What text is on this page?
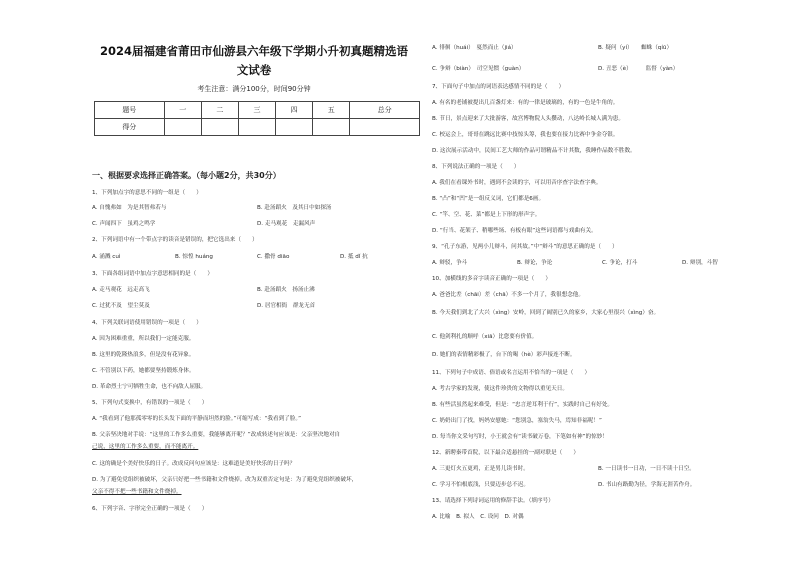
2024届福建省莆田市仙游县六年级下学期小升初真题精选语
文试卷
考生注意：满分100分，时间90分钟
题号	一	二	三	四	五	总分
得分						
一、根据要求选择正确答案。（每小题2分，共30分）
1、下列加点字的意思不同的一组是（　　）
A. 自愧弗如　为是其智弗若与	B. 赴汤蹈火　及其日中如探汤
C. 声闻四下　虽鸡之鸣学	D. 走马观花　走漏风声
2、下列词语中有一个带点字的读音是错误的，把它选出来（　　）
A. 涌溅 cuì	B. 惊惶 huáng	C. 撒骨 diāo	D. 抵 dǐ 抗
3、下面各组词语中加点字意思相同的是（　　）
A. 走马观花　远走高飞	B. 赴汤蹈火　扬汤止沸
C. 过犹不及　望尘莫及	D. 居官相衙　群龙无首
4、下列关联词语使用错误的一项是（　　）
A. 因为困难重重，所以我们一定能克服。
B. 这里的乾隆热浪多，但是没有花异象。
C. 不管别以下药，她都要坚持锻炼身体。
D. 革命烈士宁可牺牲生命，也不向敌人屈服。
5、下列句式变换中，有错误的一项是（　　）
A. “我看到了他那孤零零的长头发下面的平静而坦然的脸。”可缩写成：“我看到了脸。”
B. 父亲坚决地对手说：“这里的工作多么重要，我能够离开呢？”改成转述句应该是：父亲坚决地对自
己说，这里的工作多么重要，而不能离开。
C. 这的确是个美好快乐的日子。改成反问句应该是：这难道是美好快乐的日子吗？
D. 为了避免党组织被破坏，父亲只好把一些书籍和文件烧掉。改为双重否定句是：为了避免党组织被破坏，
父亲不得不把一些书籍和文件烧掉。
6、下列字音、字形完全正确的一项是（　　）
A. 徘徊（huái）　戛然而止（jiá）	B. 疑问（yí）　　蜘蛛（qíū）
C. 争辩（biàn）　司空见惯（guàn）	D. 丑恶（è）　　　监督（yàn）
7、下面句子中加点的词语表达感情不同的是（　　）
A. 有名的老铺被提出几百盏灯来：有的一律是玻璃的，有的一色是牛角的。
B. 节日，景点迎来了大批游客，故宫博物院人头攒动，八达岭长城人满为患。
C. 校运会上，哥哥在跳远比赛中技惊头筹，我也要在接力比赛中争金夺银。
D. 这次展示活动中，民间工艺大师的作品可谓精品不计其数，我睡作品数不胜数。
8、下列说法正确的一项是（　　）
A. 我们在看课外书时，遇到不会读的字，可以用音序查字法查字典。
B. “凸”和“凹”是一组反义词，它们都是6画。
C. “竿、空、花、菜”都是上下形的形声字。
D. “行当、花架子、稍哪些场、有板有眼”这些词语都与戏曲有关。
9、“孔子东游，见两小儿辩斗，问其故。”中“辩斗”的意思正确的是（　　）
A. 辩驳，争斗	B. 辩论，争论	C. 争论，打斗	D. 辩别，斗智
10、加横线的多音字读音正确的一项是（　　）
A. 爸爸比差（chāi）差（chā）不多一个月了，我很想念他。
B. 今天我们到北了大兴（xìng）安岭，回到了阔别已久的家乡，大家心里很兴（xìng）奋。
C. 他剑利扎的顺呼（xiā）比您要有价值。
D. 她们的表情精彩极了，台下的喝（hè）彩声接连不断。
11、下列句子中成语、俗语或名言运用不恰当的一项是（　　）
A. 考古学家的发现，使这件珍贵的文物得以重见天日。
B. 有些活虽然起来难受，但是：“忠言逆耳利于行”，实践时自己有好处。
C. 奶奶出门了找，妈妈安慰她：“您别急，塞翁失马，焉知非福呢！”
D. 每当你文采句写时，小王就会有“读书破万卷，下笔如有神”的惊妙！
12、新聘秦带首院，以下最合适悬挂的一副对联是（　　）
A. 三更灯火五更鸡，正是男儿读书时。	B. 一日读书一日功，一日不读十日空。
C. 学习不怕根底浅，只要迈步总不迟。	D. 书山有路勤为径，学海无涯苦作舟。
13、请选择下列诗词运用的修辞手法。（填序号）
A. 比喻　B. 拟人　C. 设问　D. 对偶
